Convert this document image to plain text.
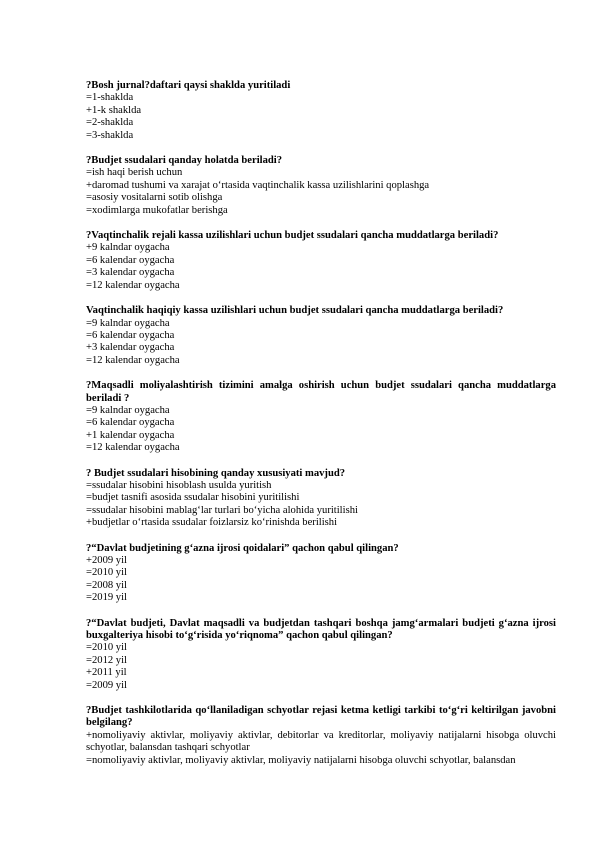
?Bosh jurnal?daftari qaysi shaklda yuritiladi
=1-shaklda
+1-k shaklda
=2-shaklda
=3-shaklda
?Budjet ssudalari qanday holatda beriladi?
=ish haqi berish uchun
+daromad tushumi va xarajat o‘rtasida vaqtinchalik kassa uzilishlarini qoplashga
=asosiy vositalarni sotib olishga
=xodimlarga mukofatlar berishga
?Vaqtinchalik rejali kassa uzilishlari uchun budjet ssudalari qancha muddatlarga beriladi?
+9 kalndar oygacha
=6 kalendar oygacha
=3 kalendar oygacha
=12 kalendar oygacha
Vaqtinchalik haqiqiy kassa uzilishlari uchun budjet ssudalari qancha muddatlarga beriladi?
=9 kalndar oygacha
=6 kalendar oygacha
+3 kalendar oygacha
=12 kalendar oygacha
?Maqsadli moliyalashtirish tizimini amalga oshirish uchun budjet ssudalari qancha muddatlarga beriladi ?
=9 kalndar oygacha
=6 kalendar oygacha
+1 kalendar oygacha
=12 kalendar oygacha
? Budjet ssudalari hisobining qanday xususiyati mavjud?
=ssudalar hisobini hisoblash usulda yuritish
=budjet tasnifi asosida ssudalar hisobini yuritilishi
=ssudalar hisobini mablag‘lar turlari bo‘yicha alohida yuritilishi
+budjetlar o‘rtasida ssudalar foizlarsiz ko‘rinishda berilishi
?“Davlat budjetining g‘azna ijrosi qoidalari” qachon qabul qilingan?
+2009 yil
=2010 yil
=2008 yil
=2019 yil
?“Davlat budjeti, Davlat maqsadli va budjetdan tashqari boshqa jamg‘armalari budjeti g‘azna ijrosi buxgalteriya hisobi to‘g‘risida yo‘riqnoma” qachon qabul qilingan?
=2010 yil
=2012 yil
+2011 yil
=2009 yil
?Budjet tashkilotlarida qo‘llaniladigan schyotlar rejasi ketma ketligi tarkibi to‘g‘ri keltirilgan javobni belgilang?
+nomoliyaviy aktivlar, moliyaviy aktivlar, debitorlar va kreditorlar, moliyaviy natijalarni hisobga oluvchi schyotlar, balansdan tashqari schyotlar
=nomoliyaviy aktivlar, moliyaviy aktivlar, moliyaviy natijalarni hisobga oluvchi schyotlar, balansdan
